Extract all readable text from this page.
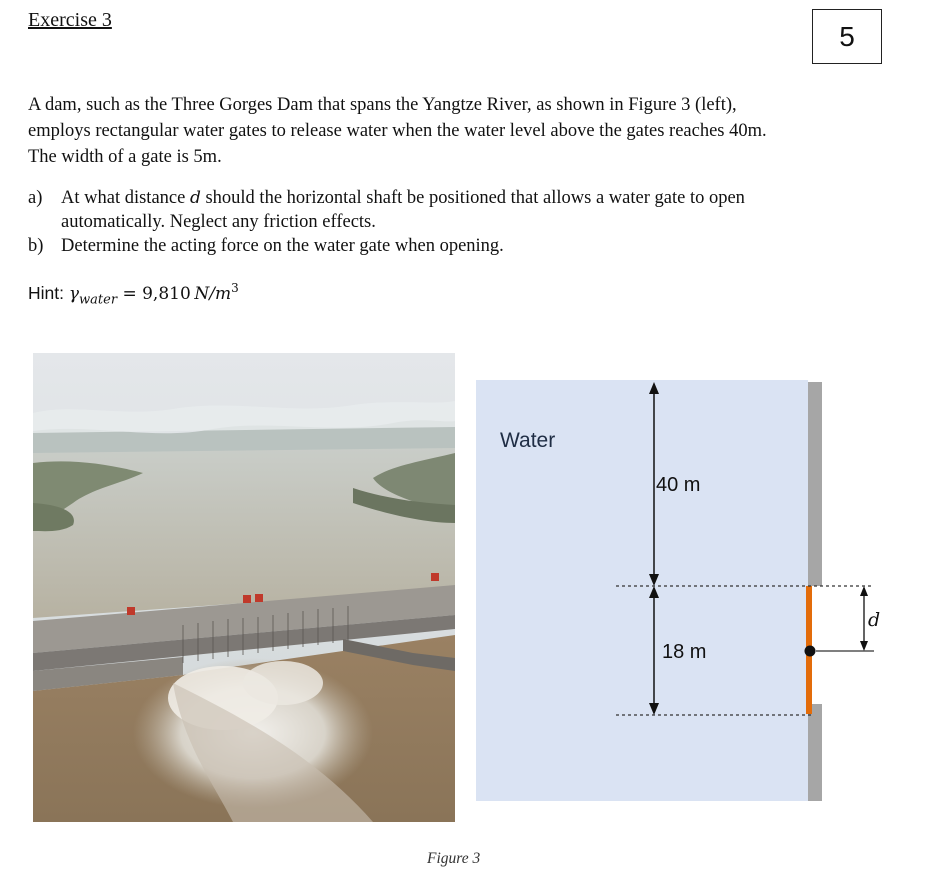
Exercise 3
5
A dam, such as the Three Gorges Dam that spans the Yangtze River, as shown in Figure 3 (left),
employs rectangular water gates to release water when the water level above the gates reaches 40m.
The width of a gate is 5m.
a)	At what distance d should the horizontal shaft be positioned that allows a water gate to open
automatically. Neglect any friction effects.
b) Determine the acting force on the water gate when opening.
Hint: $\gamma_{water} = 9,810$  $N/m^3$
Water
40 m
18 m
d
Figure 3
